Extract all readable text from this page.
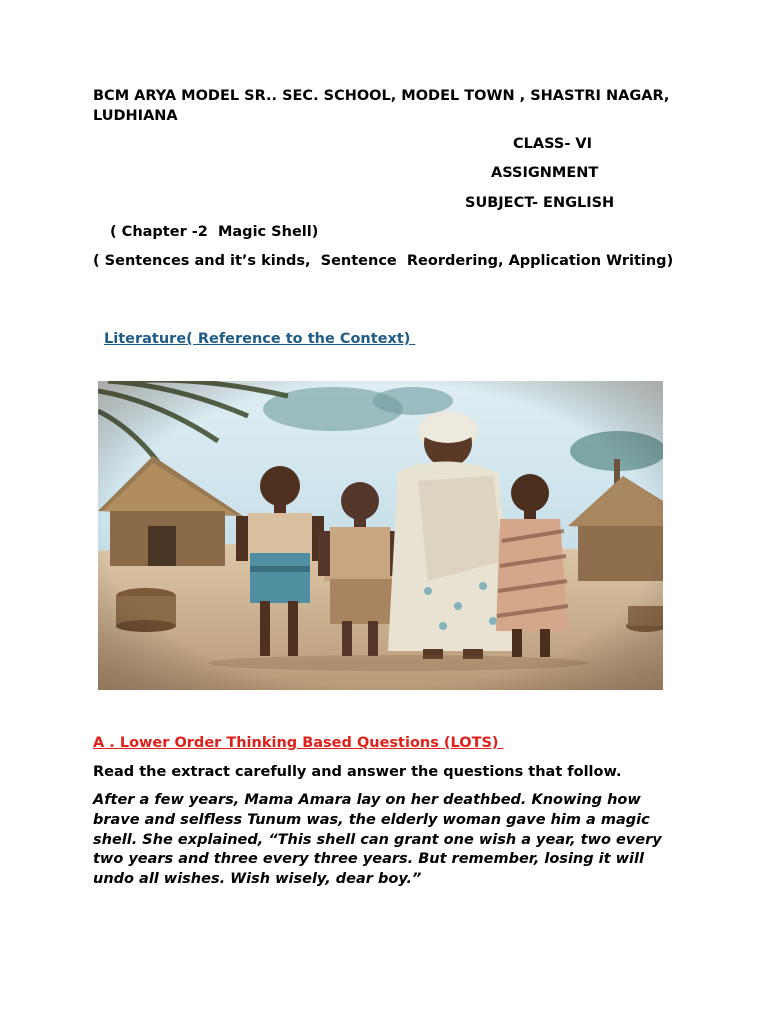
BCM ARYA MODEL SR.. SEC. SCHOOL, MODEL TOWN , SHASTRI NAGAR, LUDHIANA
CLASS- VI
ASSIGNMENT
SUBJECT- ENGLISH
( Chapter -2  Magic Shell)
( Sentences and it’s kinds,  Sentence  Reordering, Application Writing)
Literature( Reference to the Context)
A . Lower Order Thinking Based Questions (LOTS)
Read the extract carefully and answer the questions that follow.
After a few years, Mama Amara lay on her deathbed. Knowing how brave and selfless Tunum was, the elderly woman gave him a magic shell. She explained, “This shell can grant one wish a year, two every two years and three every three years. But remember, losing it will undo all wishes. Wish wisely, dear boy.”
